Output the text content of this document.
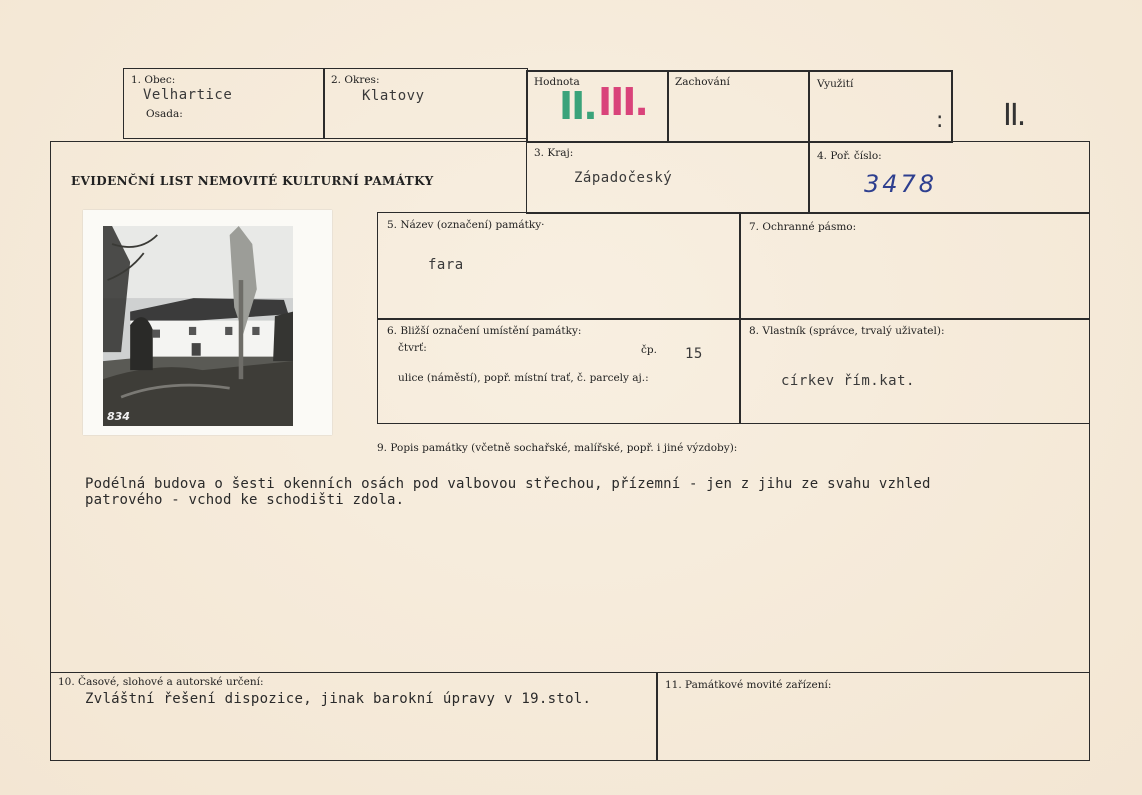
1. Obec:
Velhartice
Osada:
2. Okres:
Klatovy
Hodnota
II. III.	Zachování	Využití
: II.
EVIDENČNÍ LIST NEMOVITÉ KULTURNÍ PAMÁTKY
3. Kraj:
Západočeský
4. Poř. číslo:
3478
5. Název (označení) památky·
fara
7. Ochranné pásmo:
6. Bližší označení umístění památky:
čtvrť:	čp. 15
ulice (náměstí), popř. místní trať, č. parcely aj.:
8. Vlastník (správce, trvalý uživatel):
církev řím.kat.
834
9. Popis památky (včetně sochařské, malířské, popř. i jiné výzdoby):
Podélná budova o šesti okenních osách pod valbovou střechou, přízemní - jen z jihu ze svahu vzhled
patrového - vchod ke schodišti zdola.
10. Časové, slohové a autorské určení:
Zvláštní řešení dispozice, jinak barokní úpravy v 19.stol.
11. Památkové movité zařízení:
